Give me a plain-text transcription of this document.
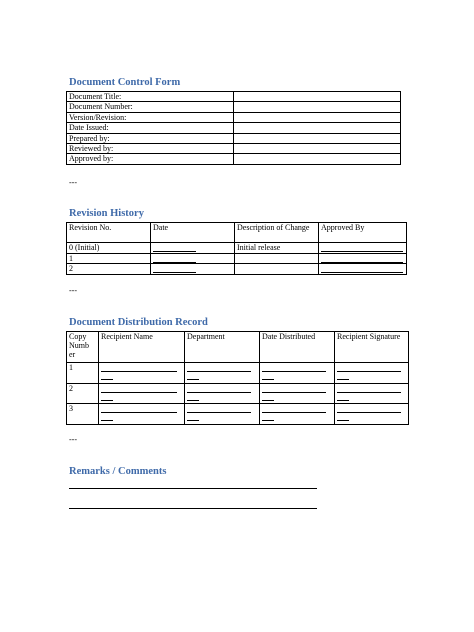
Document Control Form
Document Title:	
Document Number:	
Version/Revision:	
Date Issued:	
Prepared by:	
Reviewed by:	
Approved by:	
---
Revision History
Revision No.	Date	Description of Change	Approved By
0 (Initial)		Initial release	

1	

2	

---
Document Distribution Record
Copy Numb er	Recipient Name	Department	Date Distributed	Recipient Signature
1	

2	

3	

---
Remarks / Comments
